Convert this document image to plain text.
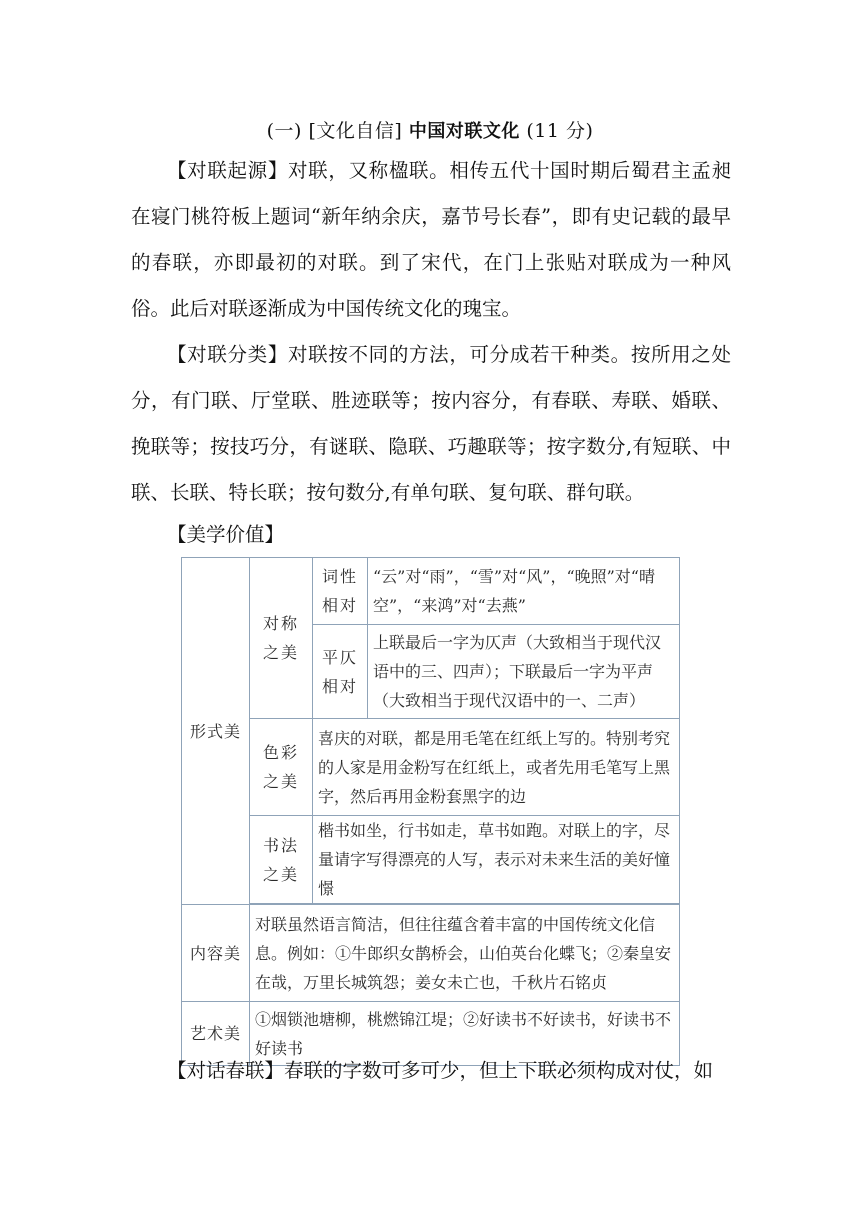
(一) [文化自信] 中国对联文化 (11 分)

【对联起源】对联，又称楹联。相传五代十国时期后蜀君主孟昶在寝门桃符板上题词“新年纳余庆，嘉节号长春”，即有史记载的最早的春联，亦即最初的对联。到了宋代，在门上张贴对联成为一种风俗。此后对联逐渐成为中国传统文化的瑰宝。

【对联分类】对联按不同的方法，可分成若干种类。按所用之处分，有门联、厅堂联、胜迹联等；按内容分，有春联、寿联、婚联、挽联等；按技巧分，有谜联、隐联、巧趣联等；按字数分,有短联、中联、长联、特长联；按句数分,有单句联、复句联、群句联。

【美学价值】
形式美	对称之美	词性相对	“云”对“雨”，“雪”对“风”，“晚照”对“晴空”，“来鸿”对“去燕”
		平仄相对	上联最后一字为仄声（大致相当于现代汉语中的三、四声）；下联最后一字为平声（大致相当于现代汉语中的一、二声）
	色彩之美	喜庆的对联，都是用毛笔在红纸上写的。特别考究的人家是用金粉写在红纸上，或者先用毛笔写上黑字，然后再用金粉套黑字的边	
	书法之美	楷书如坐，行书如走，草书如跑。对联上的字，尽量请字写得漂亮的人写，表示对未来生活的美好憧憬	

内容美	对联虽然语言简洁，但往往蕴含着丰富的中国传统文化信息。例如：①牛郎织女鹊桥会，山伯英台化蝶飞；②秦皇安在哉，万里长城筑怨；姜女未亡也，千秋片石铭贞		
艺术美	①烟锁池塘柳，桃燃锦江堤；②好读书不好读书，好读书不好读书		
【对话春联】春联的字数可多可少，但上下联必须构成对仗，如
